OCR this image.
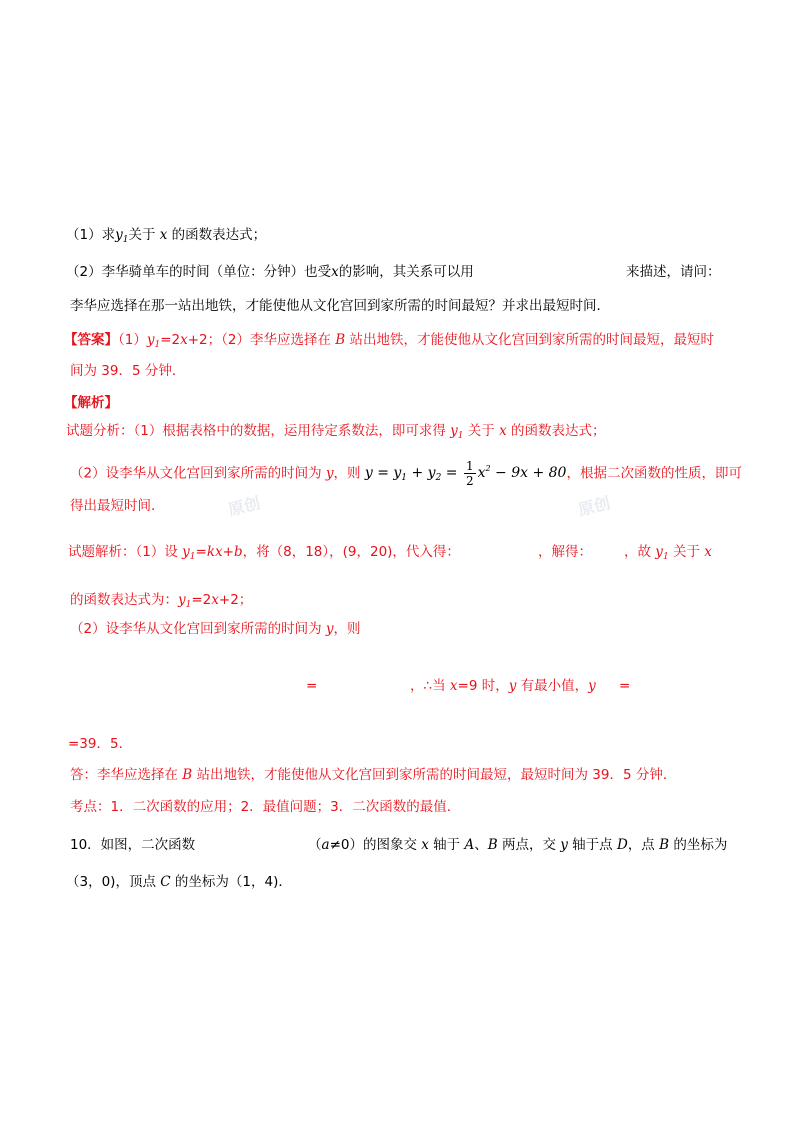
（1）求$y_1$关于 x 的函数表达式；
（2）李华骑单车的时间（单位：分钟）也受x的影响，其关系可以用	来描述，请问：
李华应选择在那一站出地铁，才能使他从文化宫回到家所需的时间最短？并求出最短时间．
【答案】$(1)y_1=2x+2$；（2）李华应选择在 B 站出地铁，才能使他从文化宫回到家所需的时间最短，最短时
间为 39．5 分钟．
【解析】
试题分析：（1）根据表格中的数据，运用待定系数法，即可求得 $y_1$ 关于 x 的函数表达式；
（2）设李华从文化宫回到家所需的时间为 y，则 $y = y_1 + y_2 = \frac{1}{2} x^2 - 9x + 80$，根据二次函数的性质，即可
得出最短时间．	原创	原创
试题解析：（1）设 $y_1=kx+b$，将（8，18），(9，20)，代入得：	，解得： ，故 $y_1$ 关于 x
的函数表达式为：$y_1=2x+2$；
（2）设李华从文化宫回到家所需的时间为 y，则
=	，∴当 x=9 时，y 有最小值，y =
=39．5．
答：李华应选择在 B 站出地铁，才能使他从文化宫回到家所需的时间最短，最短时间为 39．5 分钟．
考点：1．二次函数的应用；2．最值问题；3．二次函数的最值．
10．如图，二次函数	（a≠0）的图象交 x 轴于 A、B 两点，交 y 轴于点 D，点 B 的坐标为
（3，0)，顶点 C 的坐标为（1，4)．
